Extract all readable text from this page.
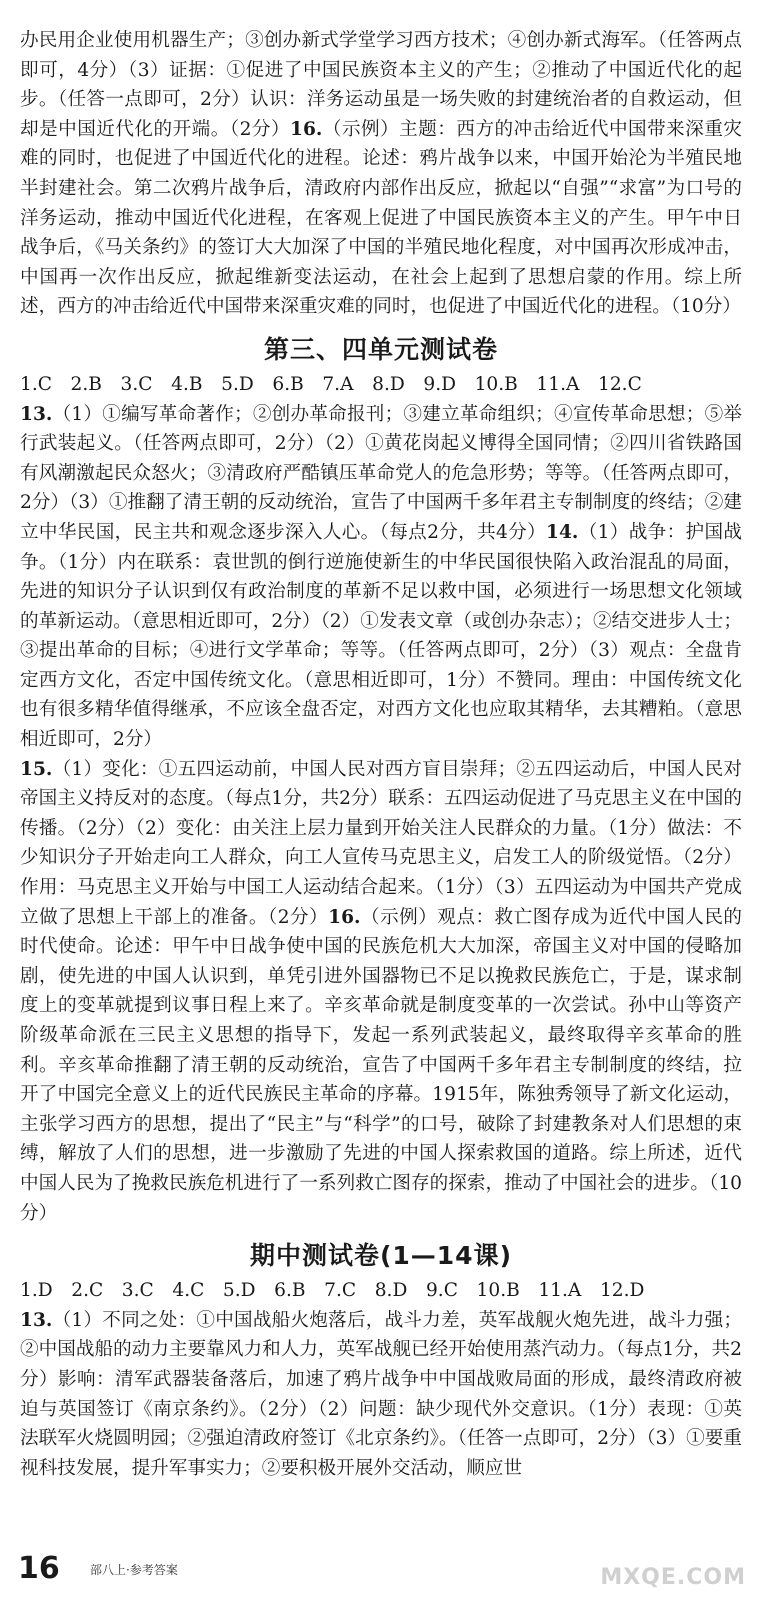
办民用企业使用机器生产；③创办新式学堂学习西方技术；④创办新式海军。（任答两点即可，4分）（3）证据：①促进了中国民族资本主义的产生；②推动了中国近代化的起步。（任答一点即可，2分）认识：洋务运动虽是一场失败的封建统治者的自救运动，但却是中国近代化的开端。（2分）16.（示例）主题：西方的冲击给近代中国带来深重灾难的同时，也促进了中国近代化的进程。论述：鸦片战争以来，中国开始沦为半殖民地半封建社会。第二次鸦片战争后，清政府内部作出反应，掀起以“自强”“求富”为口号的洋务运动，推动中国近代化进程，在客观上促进了中国民族资本主义的产生。甲午中日战争后，《马关条约》的签订大大加深了中国的半殖民地化程度，对中国再次形成冲击，中国再一次作出反应，掀起维新变法运动，在社会上起到了思想启蒙的作用。综上所述，西方的冲击给近代中国带来深重灾难的同时，也促进了中国近代化的进程。（10分）

第三、四单元测试卷

1.C　2.B　3.C　4.B　5.D　6.B　7.A　8.D　9.D　10.B　11.A　12.C

13.（1）①编写革命著作；②创办革命报刊；③建立革命组织；④宣传革命思想；⑤举行武装起义。（任答两点即可，2分）（2）①黄花岗起义博得全国同情；②四川省铁路国有风潮激起民众怒火；③清政府严酷镇压革命党人的危急形势；等等。（任答两点即可，2分）（3）①推翻了清王朝的反动统治，宣告了中国两千多年君主专制制度的终结；②建立中华民国，民主共和观念逐步深入人心。（每点2分，共4分）14.（1）战争：护国战争。（1分）内在联系：袁世凯的倒行逆施使新生的中华民国很快陷入政治混乱的局面，先进的知识分子认识到仅有政治制度的革新不足以救中国，必须进行一场思想文化领域的革新运动。（意思相近即可，2分）（2）①发表文章（或创办杂志）；②结交进步人士；③提出革命的目标；④进行文学革命；等等。（任答两点即可，2分）（3）观点：全盘肯定西方文化，否定中国传统文化。（意思相近即可，1分）不赞同。理由：中国传统文化也有很多精华值得继承，不应该全盘否定，对西方文化也应取其精华，去其糟粕。（意思相近即可，2分）

15.（1）变化：①五四运动前，中国人民对西方盲目崇拜；②五四运动后，中国人民对帝国主义持反对的态度。（每点1分，共2分）联系：五四运动促进了马克思主义在中国的传播。（2分）（2）变化：由关注上层力量到开始关注人民群众的力量。（1分）做法：不少知识分子开始走向工人群众，向工人宣传马克思主义，启发工人的阶级觉悟。（2分）作用：马克思主义开始与中国工人运动结合起来。（1分）（3）五四运动为中国共产党成立做了思想上干部上的准备。（2分）16.（示例）观点：救亡图存成为近代中国人民的时代使命。论述：甲午中日战争使中国的民族危机大大加深，帝国主义对中国的侵略加剧，使先进的中国人认识到，单凭引进外国器物已不足以挽救民族危亡，于是，谋求制度上的变革就提到议事日程上来了。辛亥革命就是制度变革的一次尝试。孙中山等资产阶级革命派在三民主义思想的指导下，发起一系列武装起义，最终取得辛亥革命的胜利。辛亥革命推翻了清王朝的反动统治，宣告了中国两千多年君主专制制度的终结，拉开了中国完全意义上的近代民族民主革命的序幕。1915年，陈独秀领导了新文化运动，主张学习西方的思想，提出了“民主”与“科学”的口号，破除了封建教条对人们思想的束缚，解放了人们的思想，进一步激励了先进的中国人探索救国的道路。综上所述，近代中国人民为了挽救民族危机进行了一系列救亡图存的探索，推动了中国社会的进步。（10分）

期中测试卷(1—14课)

1.D　2.C　3.C　4.C　5.D　6.B　7.C　8.D　9.C　10.B　11.A　12.D

13.（1）不同之处：①中国战船火炮落后，战斗力差，英军战舰火炮先进，战斗力强；②中国战船的动力主要靠风力和人力，英军战舰已经开始使用蒸汽动力。（每点1分，共2分）影响：清军武器装备落后，加速了鸦片战争中中国战败局面的形成，最终清政府被迫与英国签订《南京条约》。（2分）（2）问题：缺少现代外交意识。（1分）表现：①英法联军火烧圆明园；②强迫清政府签订《北京条约》。（任答一点即可，2分）（3）①要重视科技发展，提升军事实力；②要积极开展外交活动，顺应世

16	部八上·参考答案	MXQE.COM
